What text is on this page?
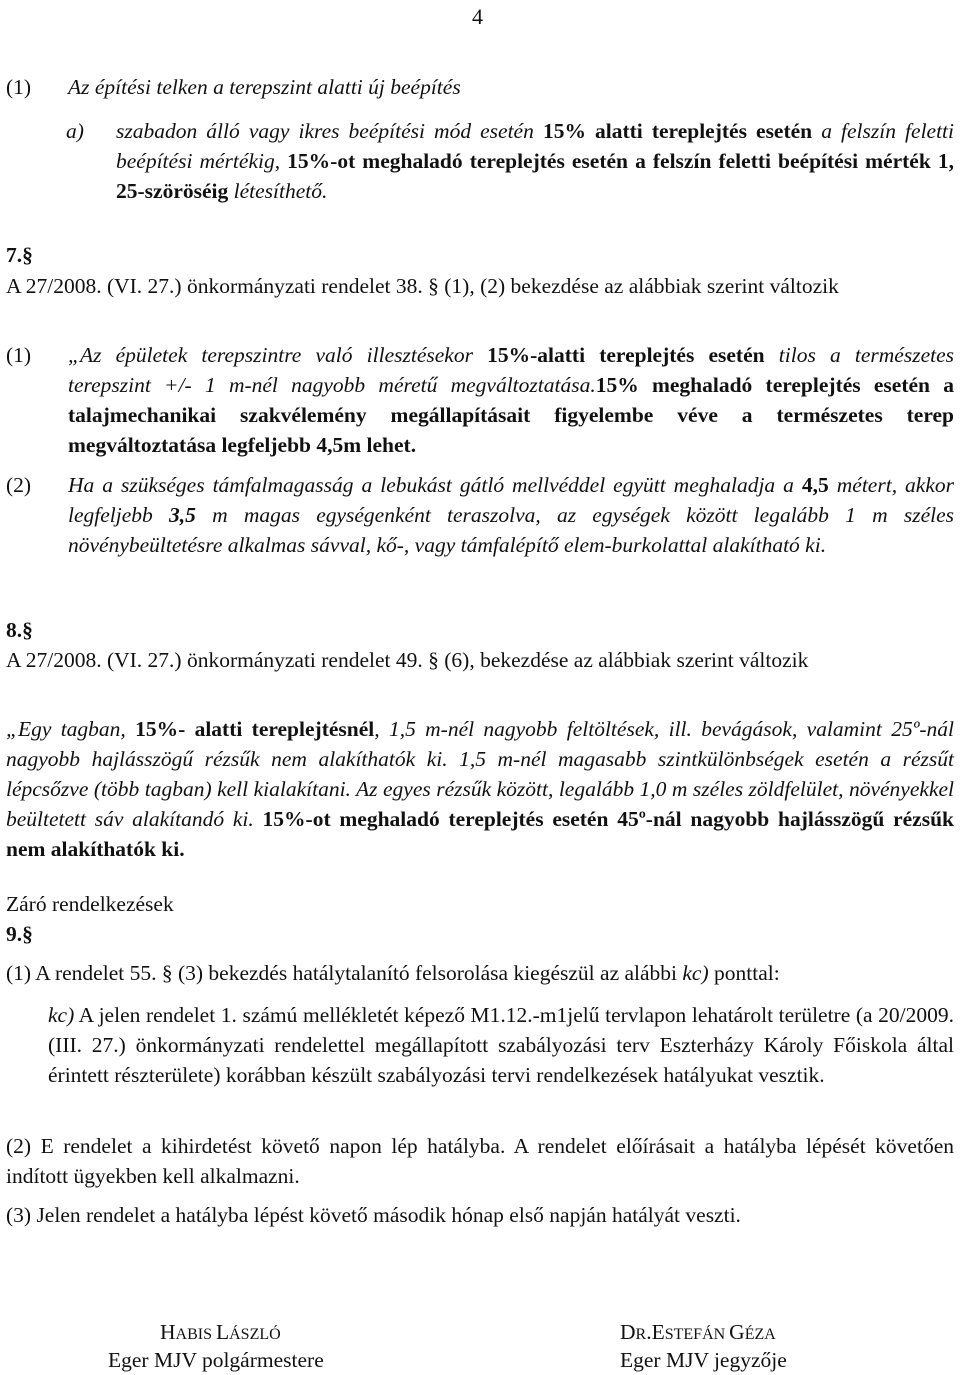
4
(1) Az építési telken a terepszint alatti új beépítés
a) szabadon álló vagy ikres beépítési mód esetén 15% alatti tereplejtés esetén a felszín feletti beépítési mértékig, 15%-ot meghaladó tereplejtés esetén a felszín feletti beépítési mérték 1, 25-szöröséig létesíthető.
7.§
A 27/2008. (VI. 27.) önkormányzati rendelet 38. § (1), (2) bekezdése az alábbiak szerint változik
(1) „Az épületek terepszintre való illesztésekor 15%-alatti tereplejtés esetén tilos a természetes terepszint +/- 1 m-nél nagyobb méretű megváltoztatása.15% meghaladó tereplejtés esetén a talajmechanikai szakvélemény megállapításait figyelembe véve a természetes terep megváltoztatása legfeljebb 4,5m lehet.
(2) Ha a szükséges támfalmagasság a lebukást gátló mellvéddel együtt meghaladja a 4,5 métert, akkor legfeljebb 3,5 m magas egységenként teraszolva, az egységek között legalább 1 m széles növénybeültetésre alkalmas sávval, kő-, vagy támfalépítő elem-burkolattal alakítható ki.
8.§
A 27/2008. (VI. 27.) önkormányzati rendelet 49. § (6), bekezdése az alábbiak szerint változik
„Egy tagban, 15%- alatti tereplejtésnél, 1,5 m-nél nagyobb feltöltések, ill. bevágások, valamint 25º-nál nagyobb hajlásszögű rézsűk nem alakíthatók ki. 1,5 m-nél magasabb szintkülönbségek esetén a rézsűt lépcsőzve (több tagban) kell kialakítani. Az egyes rézsűk között, legalább 1,0 m széles zöldfelület, növényekkel beültetett sáv alakítandó ki. 15%-ot meghaladó tereplejtés esetén 45º-nál nagyobb hajlásszögű rézsűk nem alakíthatók ki.
Záró rendelkezések
9.§
(1) A rendelet 55. § (3) bekezdés hatálytalanító felsorolása kiegészül az alábbi kc) ponttal:
kc) A jelen rendelet 1. számú mellékletét képező M1.12.-m1jelű tervlapon lehatárolt területre (a 20/2009. (III. 27.) önkormányzati rendelettel megállapított szabályozási terv Eszterházy Károly Főiskola által érintett részterülete) korábban készült szabályozási tervi rendelkezések hatályukat vesztik.
(2) E rendelet a kihirdetést követő napon lép hatályba. A rendelet előírásait a hatályba lépését követően indított ügyekben kell alkalmazni.
(3) Jelen rendelet a hatályba lépést követő második hónap első napján hatályát veszti.
HABIS LÁSZLÓ
Eger MJV polgármestere
DR.ESTEFÁN GÉZA
Eger MJV jegyzője
